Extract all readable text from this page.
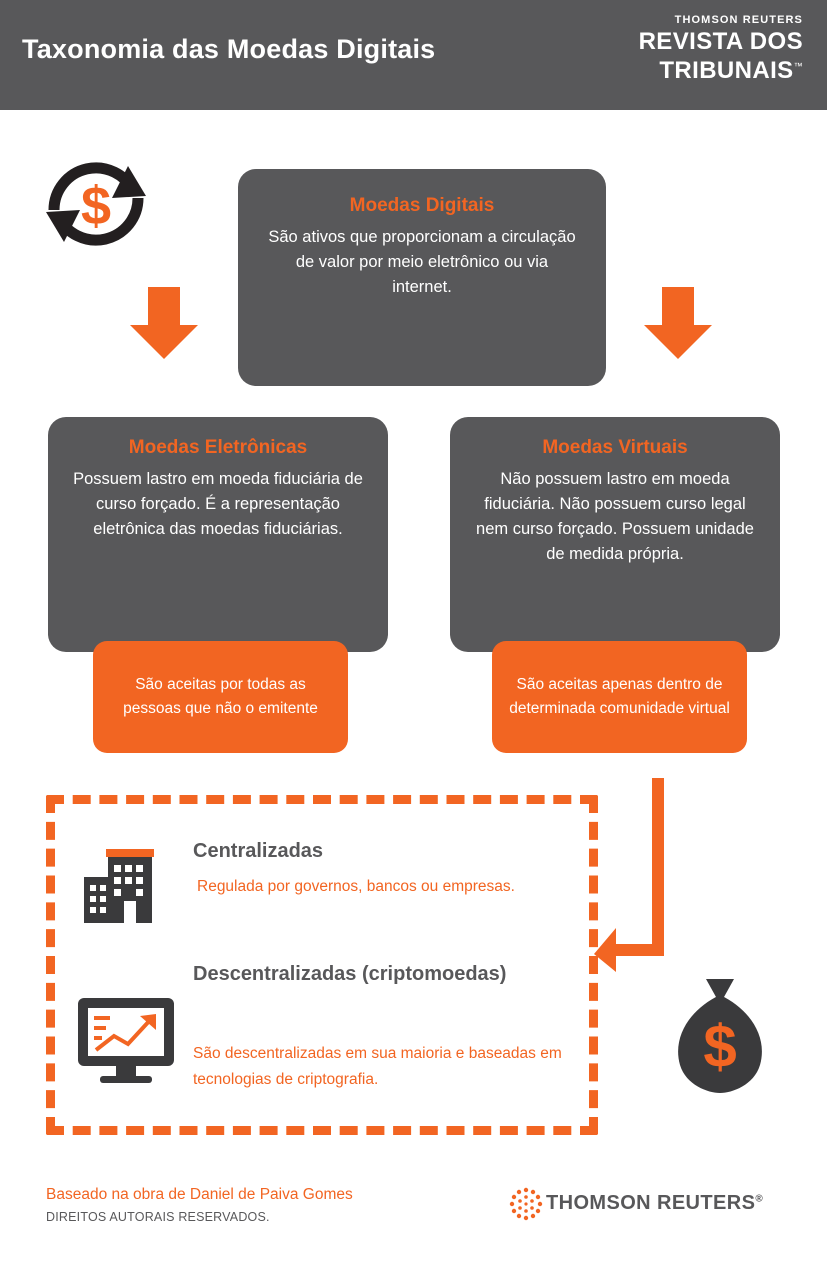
Taxonomia das Moedas Digitais
THOMSON REUTERS
REVISTA DOS
TRIBUNAIS™
$	Moedas Digitais

São ativos que proporcionam a circulação de valor por meio eletrônico ou via internet.

Moedas Eletrônicas

Possuem lastro em moeda fiduciária de curso forçado. É a representação eletrônica das moedas fiduciárias.

São aceitas por todas as pessoas que não o emitente

Moedas Virtuais

Não possuem lastro em moeda fiduciária. Não possuem curso legal nem curso forçado. Possuem unidade de medida própria.

São aceitas apenas dentro de determinada comunidade virtual

Centralizadas
Regulada por governos, bancos ou empresas.
Descentralizadas (criptomoedas)
São descentralizadas em sua maioria e baseadas em tecnologias de criptografia.	$
Baseado na obra de Daniel de Paiva Gomes
DIREITOS AUTORAIS RESERVADOS.
THOMSON REUTERS®
